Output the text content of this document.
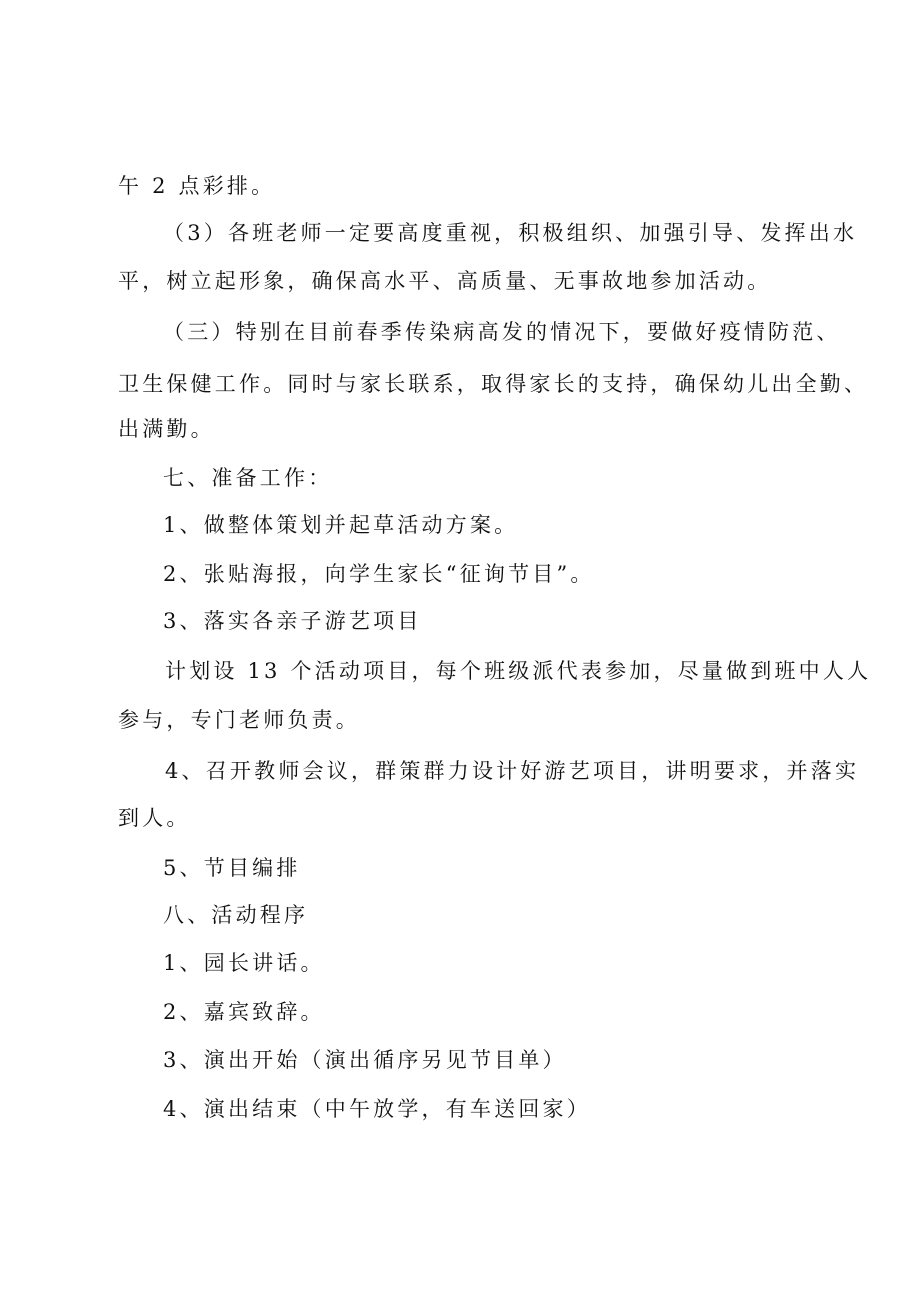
午 2 点彩排。
（3）各班老师一定要高度重视，积极组织、加强引导、发挥出水
平，树立起形象，确保高水平、高质量、无事故地参加活动。
（三）特别在目前春季传染病高发的情况下，要做好疫情防范、
卫生保健工作。同时与家长联系，取得家长的支持，确保幼儿出全勤、
出满勤。
七、准备工作：
1、做整体策划并起草活动方案。
2、张贴海报，向学生家长“征询节目”。
3、落实各亲子游艺项目
计划设 13 个活动项目，每个班级派代表参加，尽量做到班中人人
参与，专门老师负责。
4、召开教师会议，群策群力设计好游艺项目，讲明要求，并落实
到人。
5、节目编排
八、活动程序
1、园长讲话。
2、嘉宾致辞。
3、演出开始（演出循序另见节目单）
4、演出结束（中午放学，有车送回家）
